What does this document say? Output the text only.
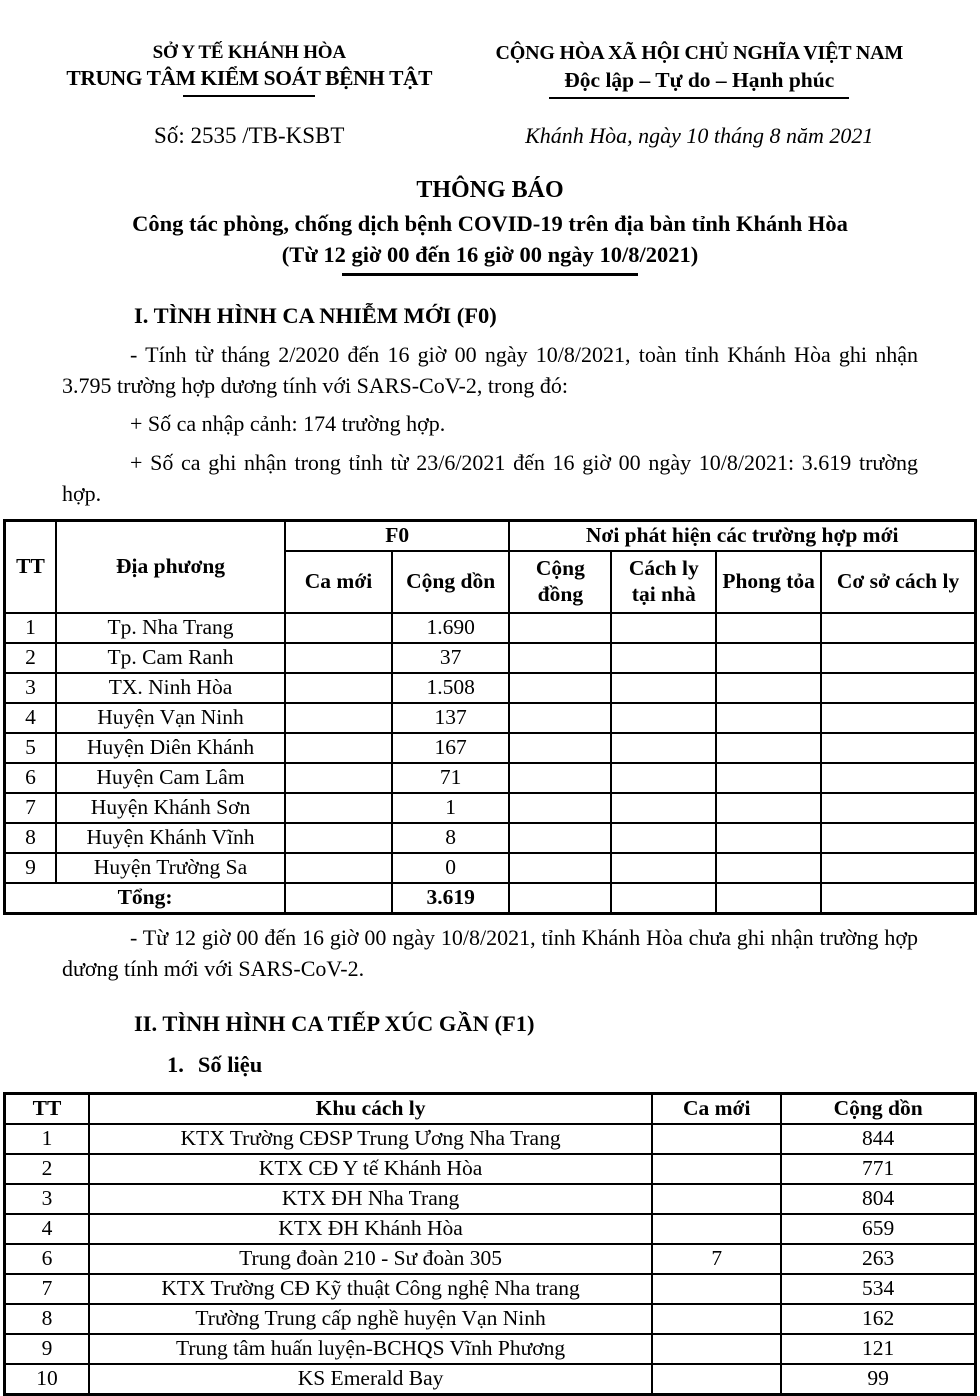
SỞ Y TẾ KHÁNH HÒA
TRUNG TÂM KIỂM SOÁT BỆNH TẬT
CỘNG HÒA XÃ HỘI CHỦ NGHĨA VIỆT NAM
Độc lập – Tự do – Hạnh phúc
Số: 2535 /TB-KSBT	Khánh Hòa, ngày 10 tháng 8 năm 2021
THÔNG BÁO
Công tác phòng, chống dịch bệnh COVID-19 trên địa bàn tỉnh Khánh Hòa
(Từ 12 giờ 00 đến 16 giờ 00 ngày 10/8/2021)
I. TÌNH HÌNH CA NHIỄM MỚI (F0)
- Tính từ tháng 2/2020 đến 16 giờ 00 ngày 10/8/2021, toàn tỉnh Khánh Hòa ghi nhận 3.795 trường hợp dương tính với SARS-CoV-2, trong đó:
+ Số ca nhập cảnh: 174 trường hợp.
+ Số ca ghi nhận trong tỉnh từ 23/6/2021 đến 16 giờ 00 ngày 10/8/2021: 3.619 trường hợp.
TT	Địa phương	F0		Nơi phát hiện các trường hợp mới			
		Ca mới	Cộng dồn	Cộng đồng	Cách ly tại nhà	Phong tỏa	Cơ sở cách ly
1	Tp. Nha Trang		1.690				
2	Tp. Cam Ranh		37				
3	TX. Ninh Hòa		1.508				
4	Huyện Vạn Ninh		137				
5	Huyện Diên Khánh		167				
6	Huyện Cam Lâm		71				
7	Huyện Khánh Sơn		1				
8	Huyện Khánh Vĩnh		8				
9	Huyện Trường Sa		0				
Tổng:			3.619				
- Từ 12 giờ 00 đến 16 giờ 00 ngày 10/8/2021, tỉnh Khánh Hòa chưa ghi nhận trường hợp dương tính mới với SARS-CoV-2.
II. TÌNH HÌNH CA TIẾP XÚC GẦN (F1)
1. Số liệu
TT	Khu cách ly	Ca mới	Cộng dồn
1	KTX Trường CĐSP Trung Ương Nha Trang		844
2	KTX CĐ Y tế Khánh Hòa		771
3	KTX ĐH Nha Trang		804
4	KTX ĐH Khánh Hòa		659
6	Trung đoàn 210 - Sư đoàn 305	7	263
7	KTX Trường CĐ Kỹ thuật Công nghệ Nha trang		534
8	Trường Trung cấp nghề huyện Vạn Ninh		162
9	Trung tâm huấn luyện-BCHQS Vĩnh Phương		121
10	KS Emerald Bay		99
